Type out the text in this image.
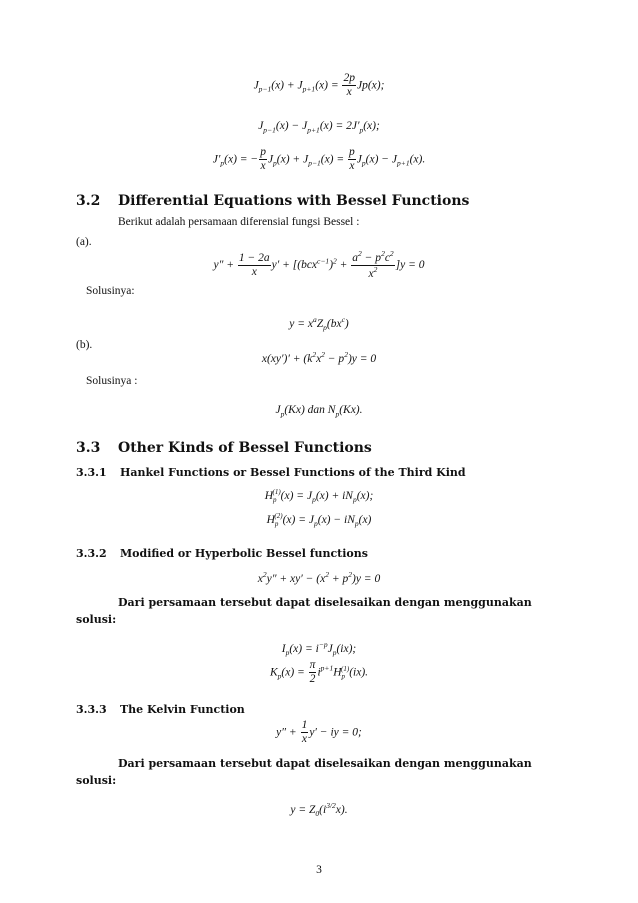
$J_{p-1}(x) + J_{p+1}(x) = \frac{2p}{x} Jp(x)$;
$J_{p-1}(x) - J_{p+1}(x) = 2J'_p(x)$;
$J'_p(x)$ = − $\frac{p}{x} J_p(x) + J_{p-1}(x) = \frac{p}{x} J_p(x) - J_{p+1}(x)$.
3.2 Differential Equations with Bessel Functions
Berikut adalah persamaan diferensial fungsi Bessel :
(a).
$y'' + \frac{1 - 2a}{x} y' + [(bcx^{c-1})^2 + \frac{a^2 - p^2c^2}{x^2} ]y = 0$
Solusinya:
$y = x^aZ_p(bx^c)$
(b).
$x(xy')' + (k^2x^2 - p^2)y = 0$
Solusinya :
$J_p(Kx)$ dan $N_p(Kx)$.
3.3 Other Kinds of Bessel Functions
3.3.1 Hankel Functions or Bessel Functions of the Third Kind
$H_p^{(1)}(x) = J_p(x) + iN_p(x)$;
$H_p^{(2)}(x) = J_p(x) - iN_p(x)$
3.3.2 Modified or Hyperbolic Bessel functions
$x^2y'' + xy' - (x^2 + p^2)y = 0$
Dari persamaan tersebut dapat diselesaikan dengan menggunakan
solusi:
$I_p(x) = i^{-p}J_p(ix)$;
$K_p(x) = \frac{\pi}{2} i^{p+1}H_p^{(1)}(ix)$.
3.3.3 The Kelvin Function
$y'' + \frac{1}{x} y'$ − iy = 0;
Dari persamaan tersebut dapat diselesaikan dengan menggunakan
solusi:
$y = Z_0(i^{3/2}x)$.
3
